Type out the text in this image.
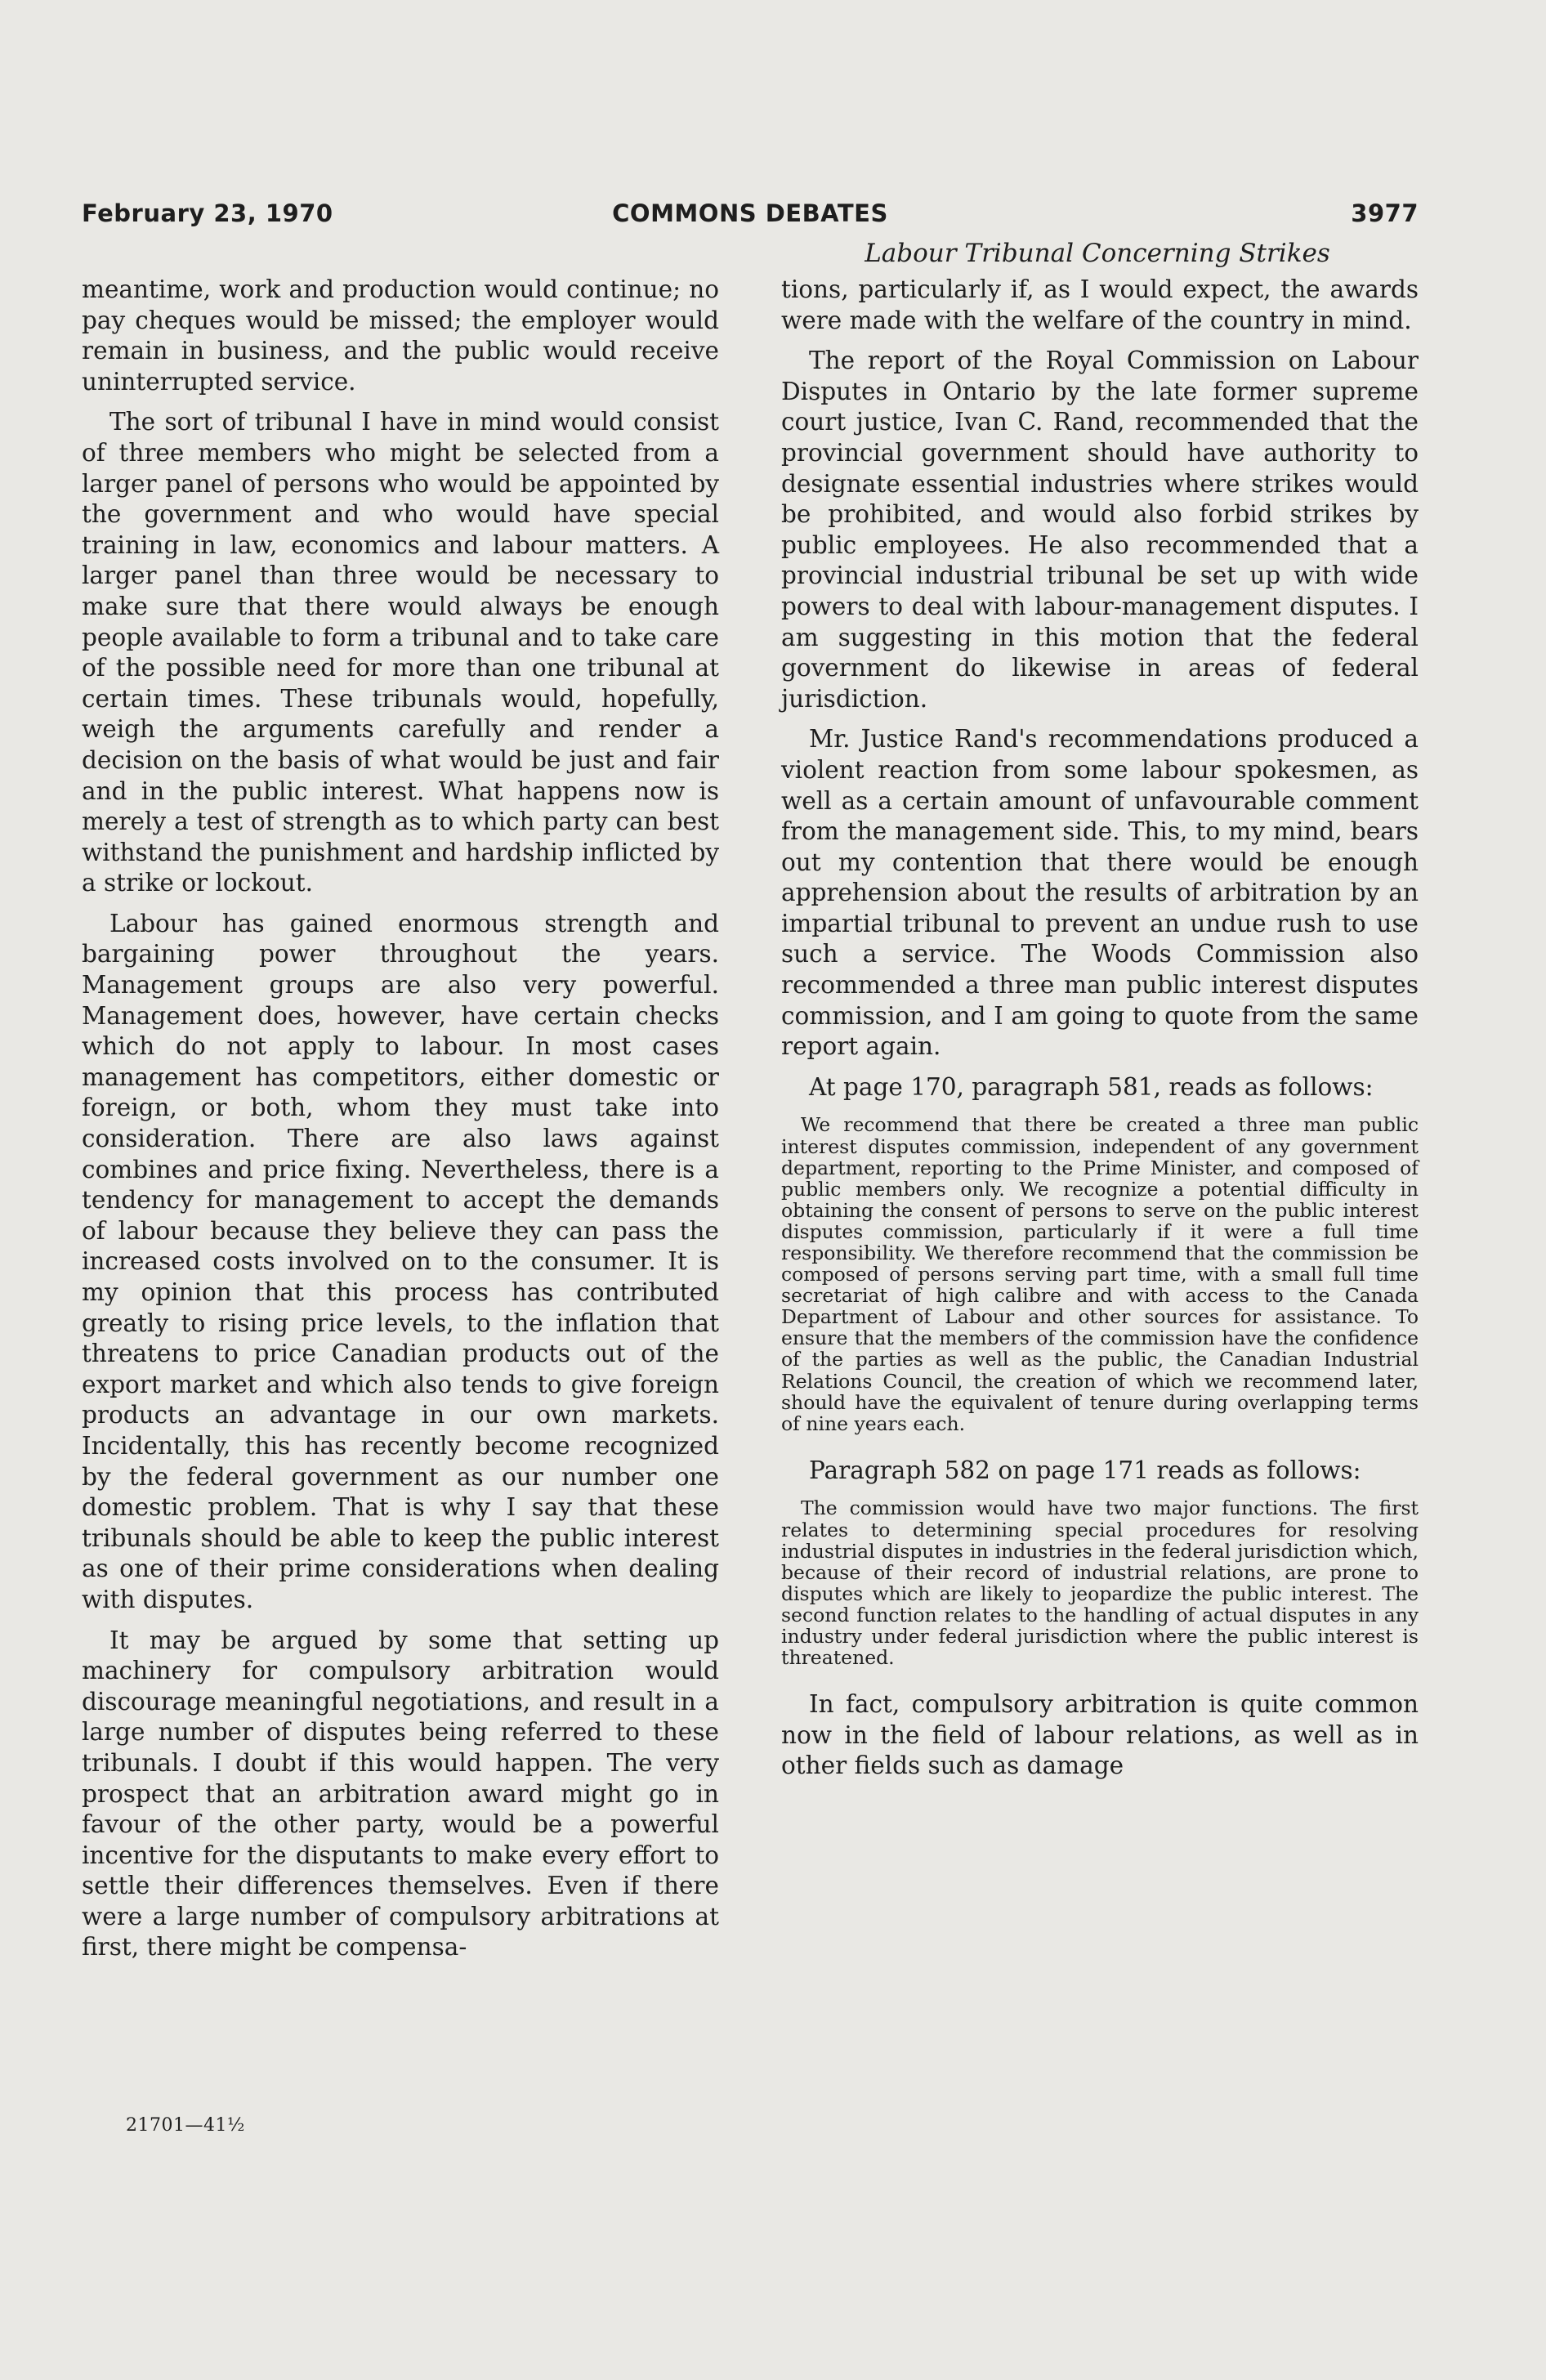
February 23, 1970	COMMONS DEBATES	3977
Labour Tribunal Concerning Strikes

meantime, work and production would continue; no pay cheques would be missed; the employer would remain in business, and the public would receive uninterrupted service.

The sort of tribunal I have in mind would consist of three members who might be selected from a larger panel of persons who would be appointed by the government and who would have special training in law, economics and labour matters. A larger panel than three would be necessary to make sure that there would always be enough people available to form a tribunal and to take care of the possible need for more than one tribunal at certain times. These tribunals would, hopefully, weigh the arguments carefully and render a decision on the basis of what would be just and fair and in the public interest. What happens now is merely a test of strength as to which party can best withstand the punishment and hardship inflicted by a strike or lockout.

Labour has gained enormous strength and bargaining power throughout the years. Management groups are also very powerful. Management does, however, have certain checks which do not apply to labour. In most cases management has competitors, either domestic or foreign, or both, whom they must take into consideration. There are also laws against combines and price fixing. Nevertheless, there is a tendency for management to accept the demands of labour because they believe they can pass the increased costs involved on to the consumer. It is my opinion that this process has contributed greatly to rising price levels, to the inflation that threatens to price Canadian products out of the export market and which also tends to give foreign products an advantage in our own markets. Incidentally, this has recently become recognized by the federal government as our number one domestic problem. That is why I say that these tribunals should be able to keep the public interest as one of their prime considerations when dealing with disputes.

It may be argued by some that setting up machinery for compulsory arbitration would discourage meaningful negotiations, and result in a large number of disputes being referred to these tribunals. I doubt if this would happen. The very prospect that an arbitration award might go in favour of the other party, would be a powerful incentive for the disputants to make every effort to settle their differences themselves. Even if there were a large number of compulsory arbitrations at first, there might be compensa-

tions, particularly if, as I would expect, the awards were made with the welfare of the country in mind.

The report of the Royal Commission on Labour Disputes in Ontario by the late former supreme court justice, Ivan C. Rand, recommended that the provincial government should have authority to designate essential industries where strikes would be prohibited, and would also forbid strikes by public employees. He also recommended that a provincial industrial tribunal be set up with wide powers to deal with labour-management disputes. I am suggesting in this motion that the federal government do likewise in areas of federal jurisdiction.

Mr. Justice Rand's recommendations produced a violent reaction from some labour spokesmen, as well as a certain amount of unfavourable comment from the management side. This, to my mind, bears out my contention that there would be enough apprehension about the results of arbitration by an impartial tribunal to prevent an undue rush to use such a service. The Woods Commission also recommended a three man public interest disputes commission, and I am going to quote from the same report again.

At page 170, paragraph 581, reads as follows:

We recommend that there be created a three man public interest disputes commission, independent of any government department, reporting to the Prime Minister, and composed of public members only. We recognize a potential difficulty in obtaining the consent of persons to serve on the public interest disputes commission, particularly if it were a full time responsibility. We therefore recommend that the commission be composed of persons serving part time, with a small full time secretariat of high calibre and with access to the Canada Department of Labour and other sources for assistance. To ensure that the members of the commission have the confidence of the parties as well as the public, the Canadian Industrial Relations Council, the creation of which we recommend later, should have the equivalent of tenure during overlapping terms of nine years each.

Paragraph 582 on page 171 reads as follows:

The commission would have two major functions. The first relates to determining special procedures for resolving industrial disputes in industries in the federal jurisdiction which, because of their record of industrial relations, are prone to disputes which are likely to jeopardize the public interest. The second function relates to the handling of actual disputes in any industry under federal jurisdiction where the public interest is threatened.

In fact, compulsory arbitration is quite common now in the field of labour relations, as well as in other fields such as damage

21701—41½
